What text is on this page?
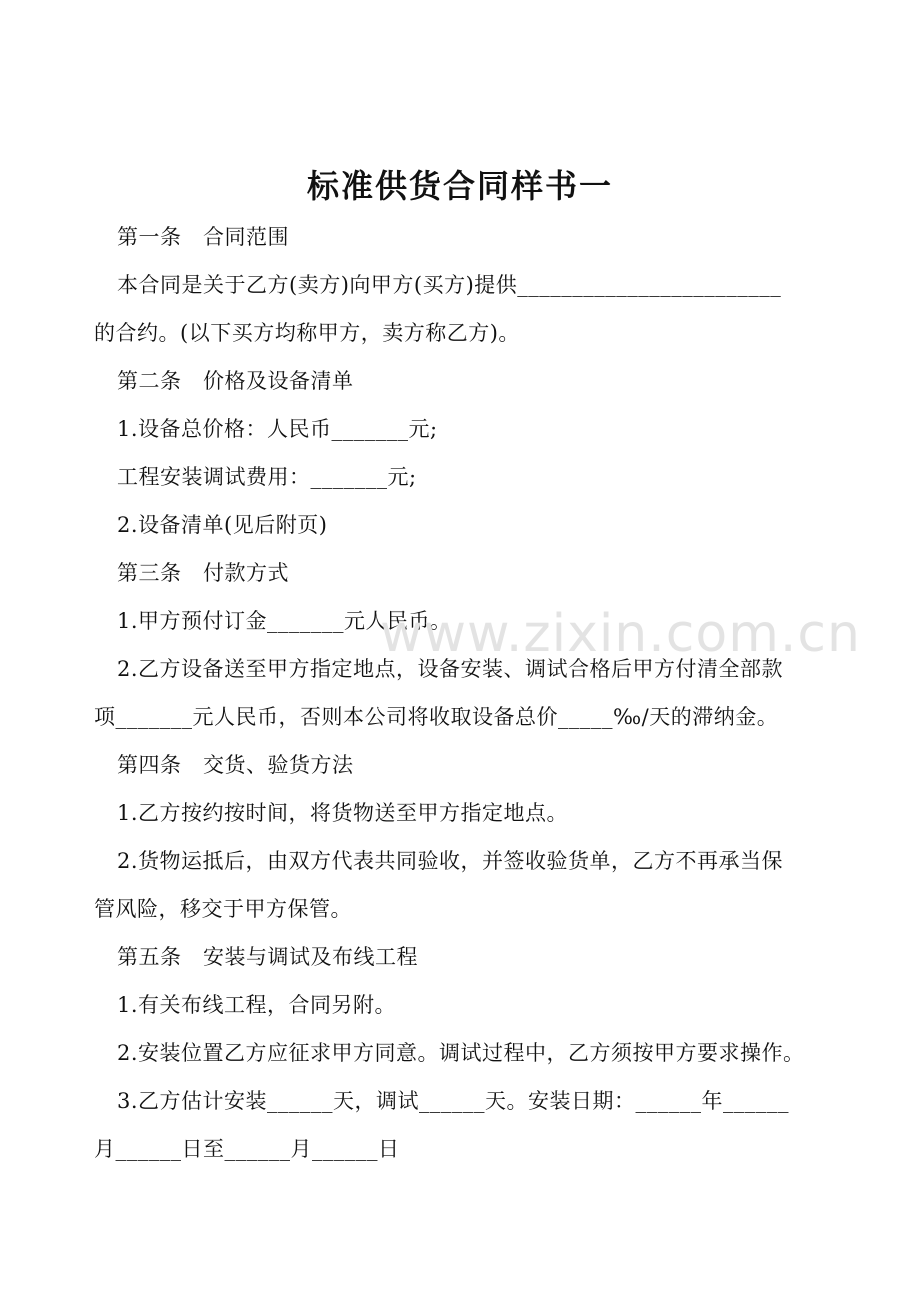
标准供货合同样书一
第一条   合同范围
本合同是关于乙方(卖方)向甲方(买方)提供________________________
的合约。(以下买方均称甲方，卖方称乙方)。
第二条   价格及设备清单
1.设备总价格：人民币_______元;
工程安装调试费用：_______元;
2.设备清单(见后附页)
第三条   付款方式
1.甲方预付订金_______元人民币。
2.乙方设备送至甲方指定地点，设备安装、调试合格后甲方付清全部款
项_______元人民币，否则本公司将收取设备总价_____‰/天的滞纳金。
第四条   交货、验货方法
1.乙方按约按时间，将货物送至甲方指定地点。
2.货物运抵后，由双方代表共同验收，并签收验货单，乙方不再承当保
管风险，移交于甲方保管。
第五条   安装与调试及布线工程
1.有关布线工程，合同另附。
2.安装位置乙方应征求甲方同意。调试过程中，乙方须按甲方要求操作。
3.乙方估计安装______天，调试______天。安装日期：______年______
月______日至______月______日
www.zixin.com.cn
